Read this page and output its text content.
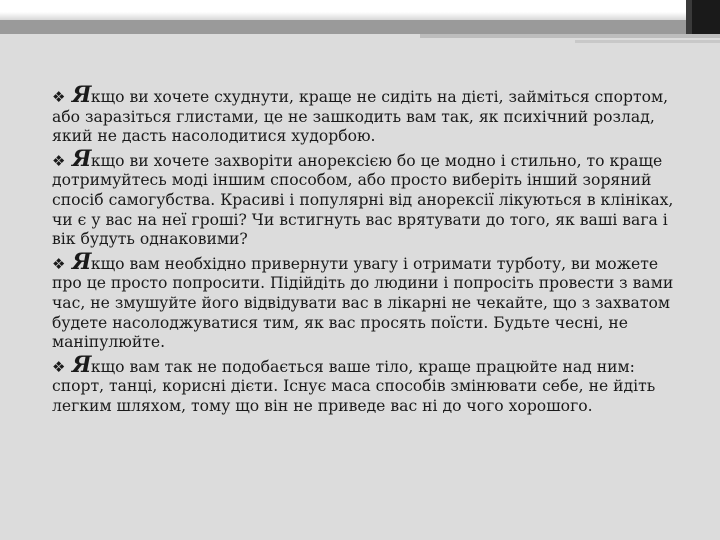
❖ Якщо ви хочете схуднути, краще не сидіть на дієті, займіться спортом,
або заразіться глистами, це не зашкодить вам так, як психічний розлад,
який не дасть насолодитися худорбою.
❖ Якщо ви хочете захворіти анорексією бо це модно і стильно, то краще
дотримуйтесь моді іншим способом, або просто виберіть інший зоряний
спосіб самогубства. Красиві і популярні від анорексії лікуються в клініках,
чи є у вас на неї гроші? Чи встигнуть вас врятувати до того, як ваші вага і
вік будуть однаковими?
❖ Якщо вам необхідно привернути увагу і отримати турботу, ви можете
про це просто попросити. Підійдіть до людини і попросіть провести з вами
час, не змушуйте його відвідувати вас в лікарні не чекайте, що з захватом
будете насолоджуватися тим, як вас просять поїсти. Будьте чесні, не
маніпулюйте.
❖ Якщо вам так не подобається ваше тіло, краще працюйте над ним:
спорт, танці, корисні дієти. Існує маса способів змінювати себе, не йдіть
легким шляхом, тому що він не приведе вас ні до чого хорошого.
